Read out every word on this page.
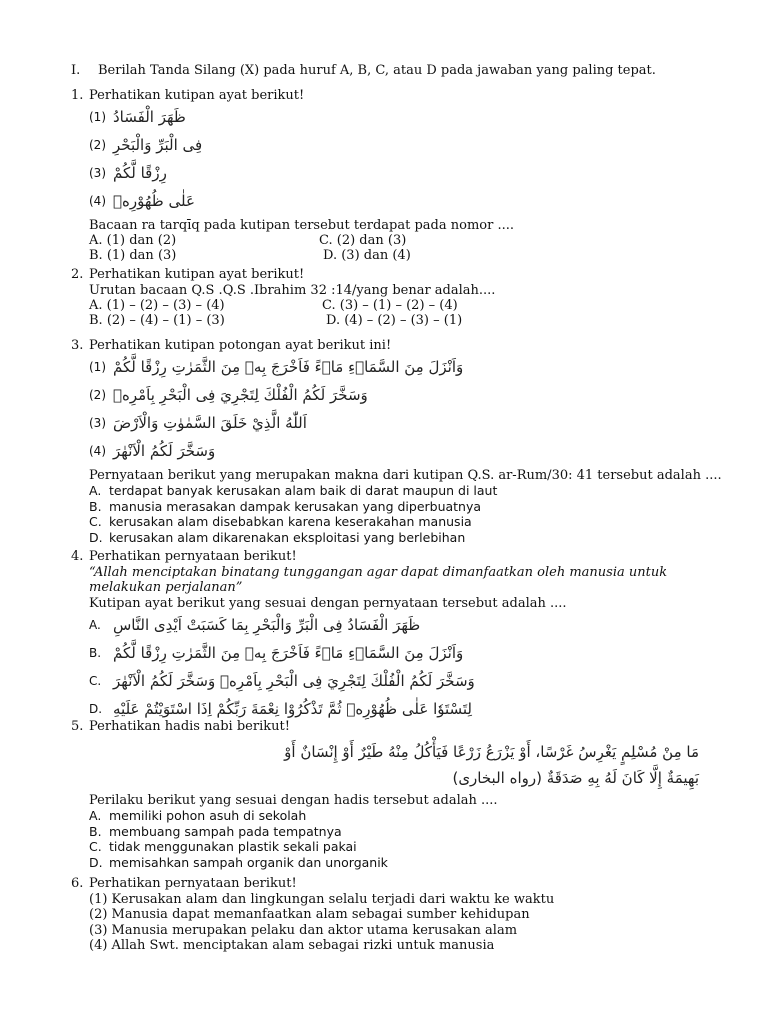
I. Berilah Tanda Silang (X) pada huruf A, B, C, atau D pada jawaban yang paling tepat.
1. Perhatikan kutipan ayat berikut!
(1) ظَهَرَ الْفَسَادُ
(2) فِى الْبَرِّ وَالْبَحْرِ
(3) رِزْقًا لَّكُمْ
(4) عَلٰى ظُهُوْرِهٖ
Bacaan ra tarqīq pada kutipan tersebut terdapat pada nomor ....
A. (1) dan (2)	C. (2) dan (3)
B. (1) dan (3)	D. (3) dan (4)
2. Perhatikan kutipan ayat berikut!
Urutan bacaan Q.S .Q.S .Ibrahim 32 :14/yang benar adalah....
A. (1) – (2) – (3) – (4)	C. (3) – (1) – (2) – (4)
B. (2) – (4) – (1) – (3)	D. (4) – (2) – (3) – (1)
3. Perhatikan kutipan potongan ayat berikut ini!
(1) وَاَنْزَلَ مِنَ السَّمَاۤءِ مَاۤءً فَاَخْرَجَ بِهٖ مِنَ الثَّمَرٰتِ رِزْقًا لَّكُمْ
(2) وَسَخَّرَ لَكُمُ الْفُلْكَ لِتَجْرِيَ فِى الْبَحْرِ بِاَمْرِهٖ
(3) اَللّٰهُ الَّذِيْ خَلَقَ السَّمٰوٰتِ وَالْاَرْضَ
(4) وَسَخَّرَ لَكُمُ الْاَنْهٰرَ
Pernyataan berikut yang merupakan makna dari kutipan Q.S. ar-Rum/30: 41 tersebut adalah ....
A. terdapat banyak kerusakan alam baik di darat maupun di laut
B. manusia merasakan dampak kerusakan yang diperbuatnya
C. kerusakan alam disebabkan karena keserakahan manusia
D. kerusakan alam dikarenakan eksploitasi yang berlebihan
4. Perhatikan pernyataan berikut!
“Allah menciptakan binatang tunggangan agar dapat dimanfaatkan oleh manusia untuk
melakukan perjalanan”
Kutipan ayat berikut yang sesuai dengan pernyataan tersebut adalah ....
A. ظَهَرَ الْفَسَادُ فِى الْبَرِّ وَالْبَحْرِ بِمَا كَسَبَتْ اَيْدِى النَّاسِ
B. وَاَنْزَلَ مِنَ السَّمَاۤءِ مَاۤءً فَاَخْرَجَ بِهٖ مِنَ الثَّمَرٰتِ رِزْقًا لَّكُمْ
C. وَسَخَّرَ لَكُمُ الْفُلْكَ لِتَجْرِيَ فِى الْبَحْرِ بِاَمْرِهٖ وَسَخَّرَ لَكُمُ الْاَنْهٰرَ
D. لِتَسْتَوٗا عَلٰى ظُهُوْرِهٖ ثُمَّ تَذْكُرُوْا نِعْمَةَ رَبِّكُمْ اِذَا اسْتَوَيْتُمْ عَلَيْهِ
5. Perhatikan hadis nabi berikut!
مَا مِنْ مُسْلِمٍ يَغْرِسُ غَرْسًا، أَوْ يَزْرَعُ زَرْعًا فَيَأْكُلُ مِنْهُ طَيْرٌ أَوْ إِنْسَانٌ أَوْ
بَهِيمَةٌ إِلَّا كَانَ لَهُ بِهِ صَدَقَةٌ (رواه البخارى)
Perilaku berikut yang sesuai dengan hadis tersebut adalah ....
A. memiliki pohon asuh di sekolah
B. membuang sampah pada tempatnya
C. tidak menggunakan plastik sekali pakai
D. memisahkan sampah organik dan unorganik
6. Perhatikan pernyataan berikut!
(1) Kerusakan alam dan lingkungan selalu terjadi dari waktu ke waktu
(2) Manusia dapat memanfaatkan alam sebagai sumber kehidupan
(3) Manusia merupakan pelaku dan aktor utama kerusakan alam
(4) Allah Swt. menciptakan alam sebagai rizki untuk manusia
